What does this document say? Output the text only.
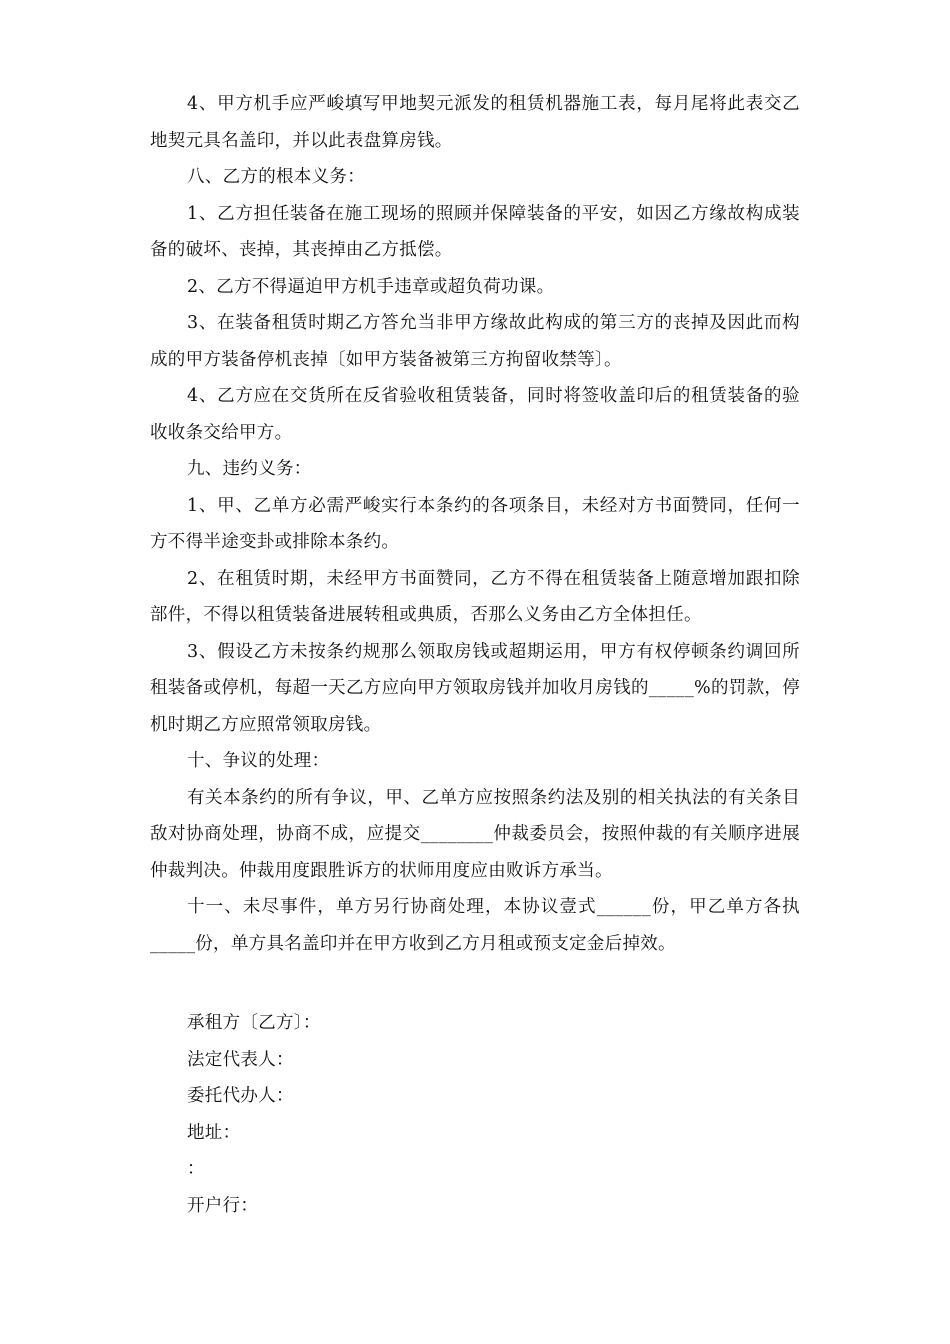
4、甲方机手应严峻填写甲地契元派发的租赁机器施工表，每月尾将此表交乙地契元具名盖印，并以此表盘算房钱。

八、乙方的根本义务：

1、乙方担任装备在施工现场的照顾并保障装备的平安，如因乙方缘故构成装备的破坏、丧掉，其丧掉由乙方抵偿。

2、乙方不得逼迫甲方机手违章或超负荷功课。

3、在装备租赁时期乙方答允当非甲方缘故此构成的第三方的丧掉及因此而构成的甲方装备停机丧掉〔如甲方装备被第三方拘留收禁等〕。

4、乙方应在交货所在反省验收租赁装备，同时将签收盖印后的租赁装备的验收收条交给甲方。

九、违约义务：

1、甲、乙单方必需严峻实行本条约的各项条目，未经对方书面赞同，任何一方不得半途变卦或排除本条约。

2、在租赁时期，未经甲方书面赞同，乙方不得在租赁装备上随意增加跟扣除部件，不得以租赁装备进展转租或典质，否那么义务由乙方全体担任。

3、假设乙方未按条约规那么领取房钱或超期运用，甲方有权停顿条约调回所租装备或停机，每超一天乙方应向甲方领取房钱并加收月房钱的_____%的罚款，停机时期乙方应照常领取房钱。

十、争议的处理：

有关本条约的所有争议，甲、乙单方应按照条约法及别的相关执法的有关条目敌对协商处理，协商不成，应提交________仲裁委员会，按照仲裁的有关顺序进展仲裁判决。仲裁用度跟胜诉方的状师用度应由败诉方承当。

十一、未尽事件，单方另行协商处理，本协议壹式______份，甲乙单方各执_____份，单方具名盖印并在甲方收到乙方月租或预支定金后掉效。

承租方〔乙方〕：

法定代表人：

委托代办人：

地址：

：

开户行：
